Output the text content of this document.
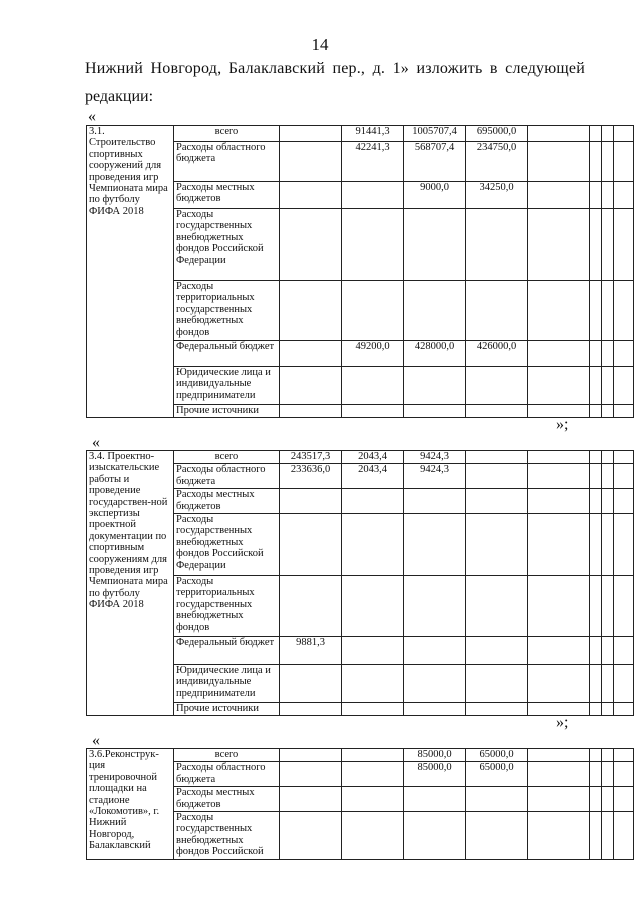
14
Нижний Новгород, Балаклавский пер., д. 1» изложить в следующей
редакции:
«
3.1.
Строительство спортивных сооружений для проведения игр Чемпионата мира по футболу ФИФА 2018	всего		91441,3	1005707,4	695000,0				
	Расходы областного бюджета		42241,3	568707,4	234750,0				
	Расходы местных бюджетов			9000,0	34250,0				
	Расходы государственных внебюджетных фондов Российской Федерации								
	Расходы территориальных государственных внебюджетных фондов								
	Федеральный бюджет		49200,0	428000,0	426000,0				
	Юридические лица и индивидуальные предприниматели								
	Прочие источники								
»;
«
3.4. Проектно-изыскательские работы и проведение государствен-ной экспертизы проектной документации по спортивным сооружениям для проведения игр Чемпионата мира по футболу ФИФА 2018	всего	243517,3	2043,4	9424,3					
	Расходы областного бюджета	233636,0	2043,4	9424,3					
	Расходы местных бюджетов								
	Расходы государственных внебюджетных фондов Российской Федерации								
	Расходы территориальных государственных внебюджетных фондов								
	Федеральный бюджет	9881,3							
	Юридические лица и индивидуальные предприниматели								
	Прочие источники								
»;
«
3.6.Реконструк-ция тренировочной площадки на стадионе «Локомотив», г. Нижний Новгород, Балаклавский	всего			85000,0	65000,0				
	Расходы областного бюджета			85000,0	65000,0				
	Расходы местных бюджетов								
	Расходы государственных внебюджетных фондов Российской								
